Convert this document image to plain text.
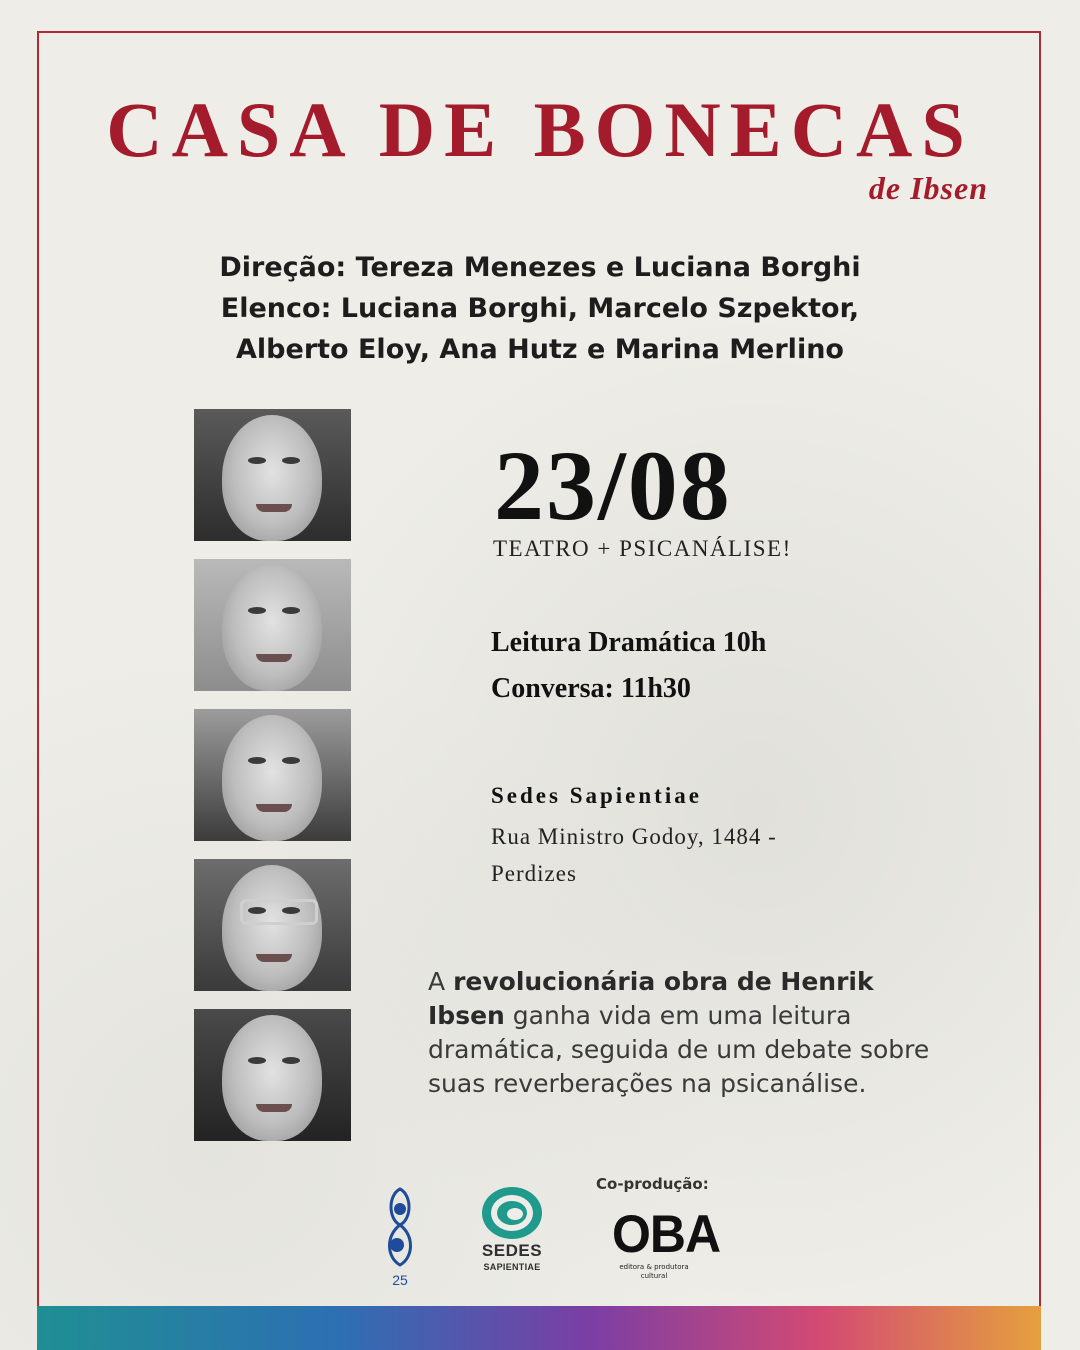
CASA DE BONECAS
de Ibsen
Direção: Tereza Menezes e Luciana Borghi
Elenco: Luciana Borghi, Marcelo Szpektor,
Alberto Eloy, Ana Hutz e Marina Merlino
23/08
TEATRO + PSICANÁLISE!
Leitura Dramática 10h
Conversa: 11h30
Sedes Sapientiae
Rua Ministro Godoy, 1484 -
Perdizes
A revolucionária obra de Henrik Ibsen ganha vida em uma leitura dramática, seguida de um debate sobre suas reverberações na psicanálise.
25
SEDES
SAPIENTIAE
Co-produção:
OBA
editora & produtora cultural
